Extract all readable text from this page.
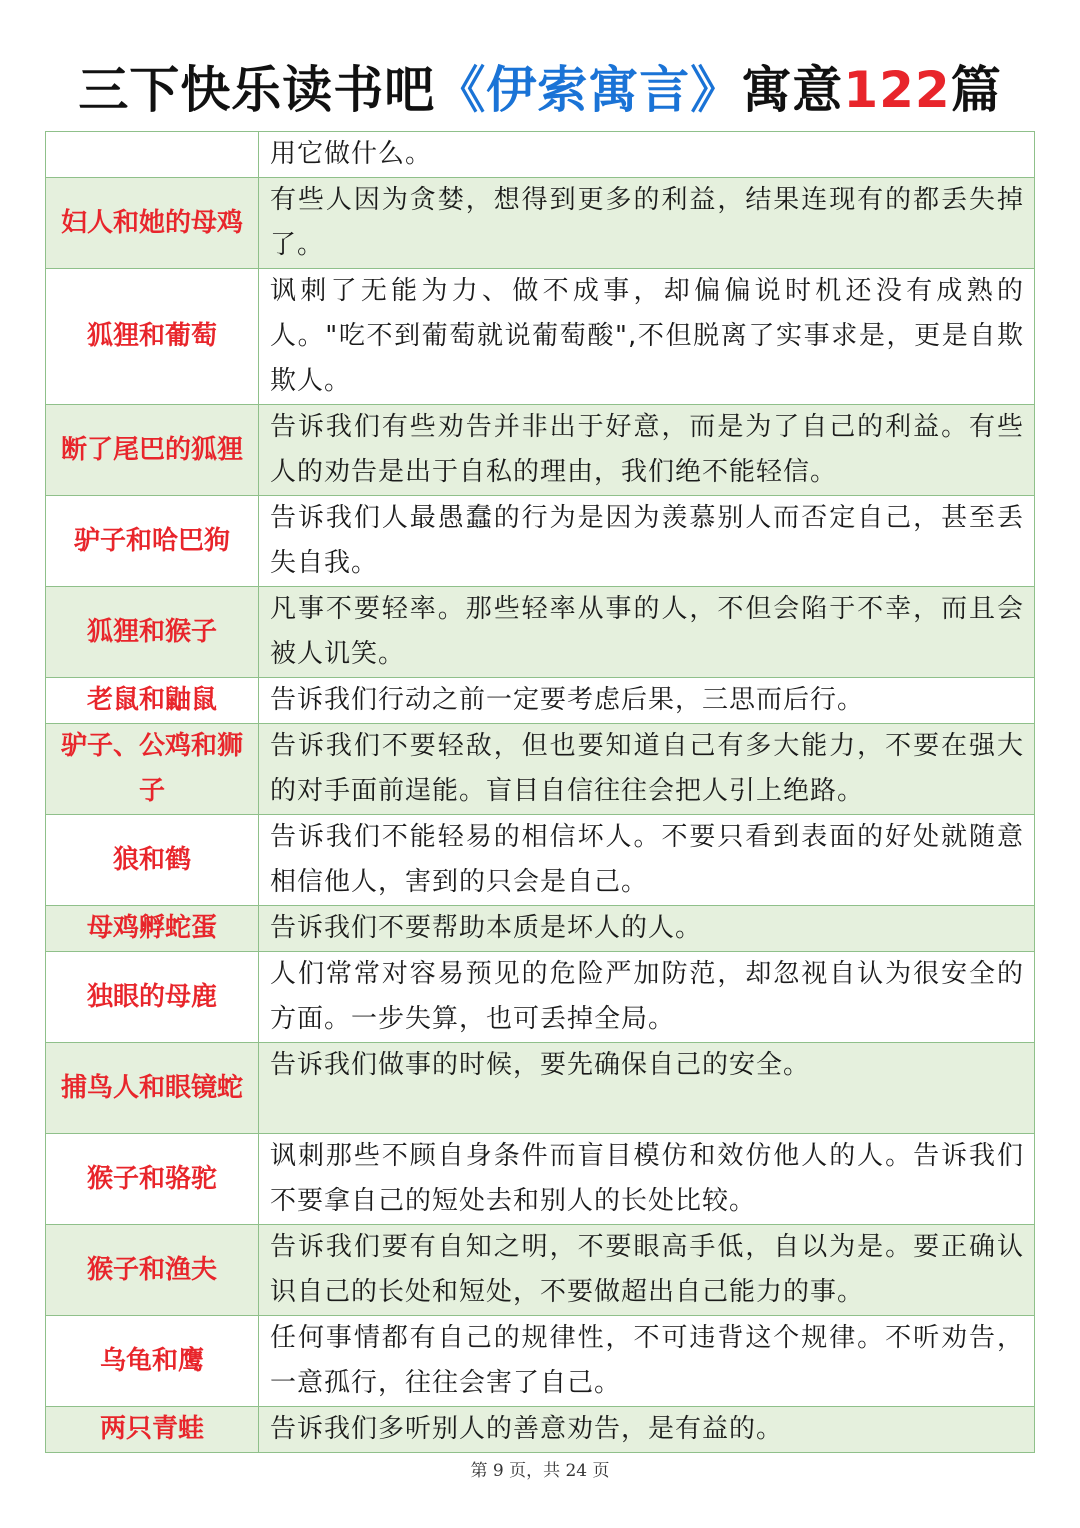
三下快乐读书吧《伊索寓言》寓意122篇
	用它做什么。
妇人和她的母鸡	有些人因为贪婪，想得到更多的利益，结果连现有的都丢失掉了。
狐狸和葡萄	讽刺了无能为力、做不成事，却偏偏说时机还没有成熟的人。"吃不到葡萄就说葡萄酸",不但脱离了实事求是，更是自欺欺人。
断了尾巴的狐狸	告诉我们有些劝告并非出于好意，而是为了自己的利益。有些人的劝告是出于自私的理由，我们绝不能轻信。
驴子和哈巴狗	告诉我们人最愚蠢的行为是因为羡慕别人而否定自己，甚至丢失自我。
狐狸和猴子	凡事不要轻率。那些轻率从事的人，不但会陷于不幸，而且会被人讥笑。
老鼠和鼬鼠	告诉我们行动之前一定要考虑后果，三思而后行。
驴子、公鸡和狮子	告诉我们不要轻敌，但也要知道自己有多大能力，不要在强大的对手面前逞能。盲目自信往往会把人引上绝路。
狼和鹤	告诉我们不能轻易的相信坏人。不要只看到表面的好处就随意相信他人，害到的只会是自己。
母鸡孵蛇蛋	告诉我们不要帮助本质是坏人的人。
独眼的母鹿	人们常常对容易预见的危险严加防范，却忽视自认为很安全的方面。一步失算，也可丢掉全局。
捕鸟人和眼镜蛇	告诉我们做事的时候，要先确保自己的安全。
猴子和骆驼	讽刺那些不顾自身条件而盲目模仿和效仿他人的人。告诉我们不要拿自己的短处去和别人的长处比较。
猴子和渔夫	告诉我们要有自知之明，不要眼高手低，自以为是。要正确认识自己的长处和短处，不要做超出自己能力的事。
乌龟和鹰	任何事情都有自己的规律性，不可违背这个规律。不听劝告，一意孤行，往往会害了自己。
两只青蛙	告诉我们多听别人的善意劝告，是有益的。
第 9 页，共 24 页
